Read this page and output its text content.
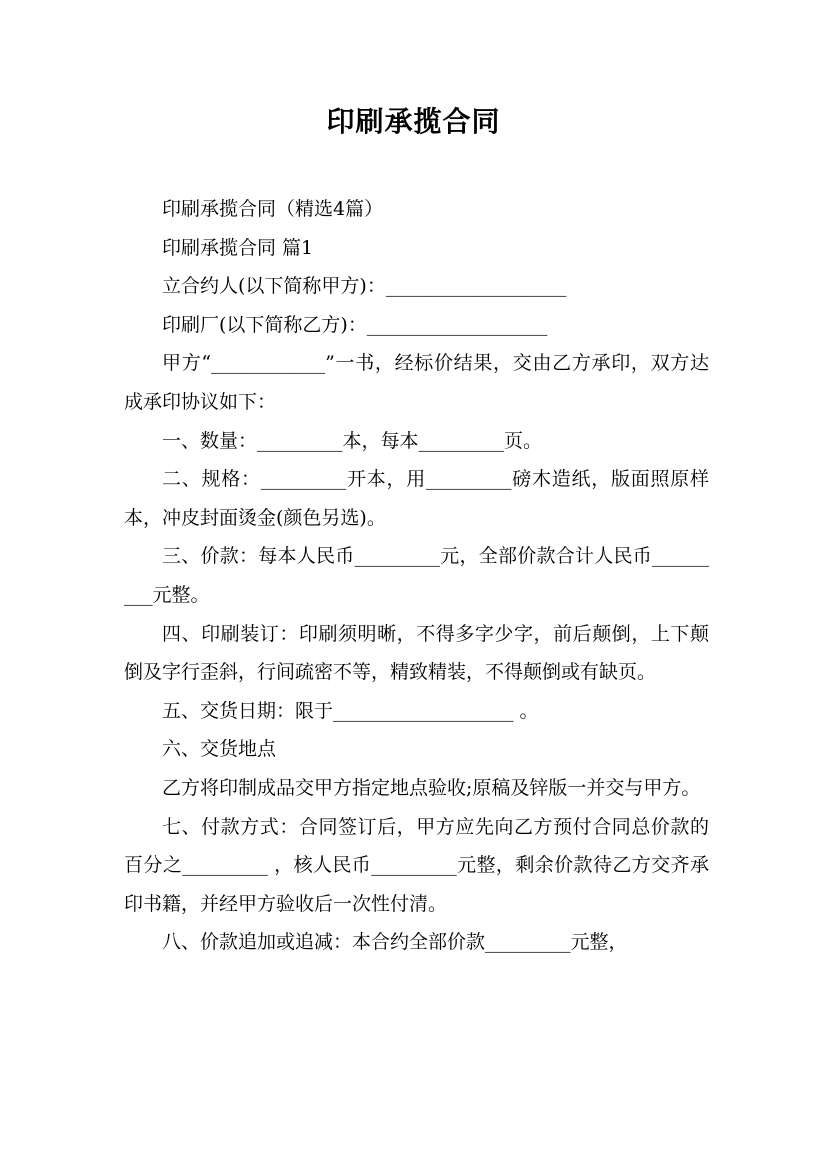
印刷承揽合同

印刷承揽合同（精选4篇）

印刷承揽合同 篇1

立合约人(以下简称甲方)：___________________

印刷厂(以下简称乙方)：___________________

甲方“____________”一书，经标价结果，交由乙方承印，双方达成承印协议如下：

一、数量：_________本，每本_________页。

二、规格：_________开本，用_________磅木造纸，版面照原样本，冲皮封面烫金(颜色另选)。

三、价款：每本人民币_________元，全部价款合计人民币_________元整。

四、印刷装订：印刷须明晰，不得多字少字，前后颠倒，上下颠倒及字行歪斜，行间疏密不等，精致精装，不得颠倒或有缺页。

五、交货日期：限于___________________ 。

六、交货地点

乙方将印制成品交甲方指定地点验收;原稿及锌版一并交与甲方。

七、付款方式：合同签订后，甲方应先向乙方预付合同总价款的百分之_________ ，核人民币_________元整，剩余价款待乙方交齐承印书籍，并经甲方验收后一次性付清。

八、价款追加或追减：本合约全部价款_________元整，
